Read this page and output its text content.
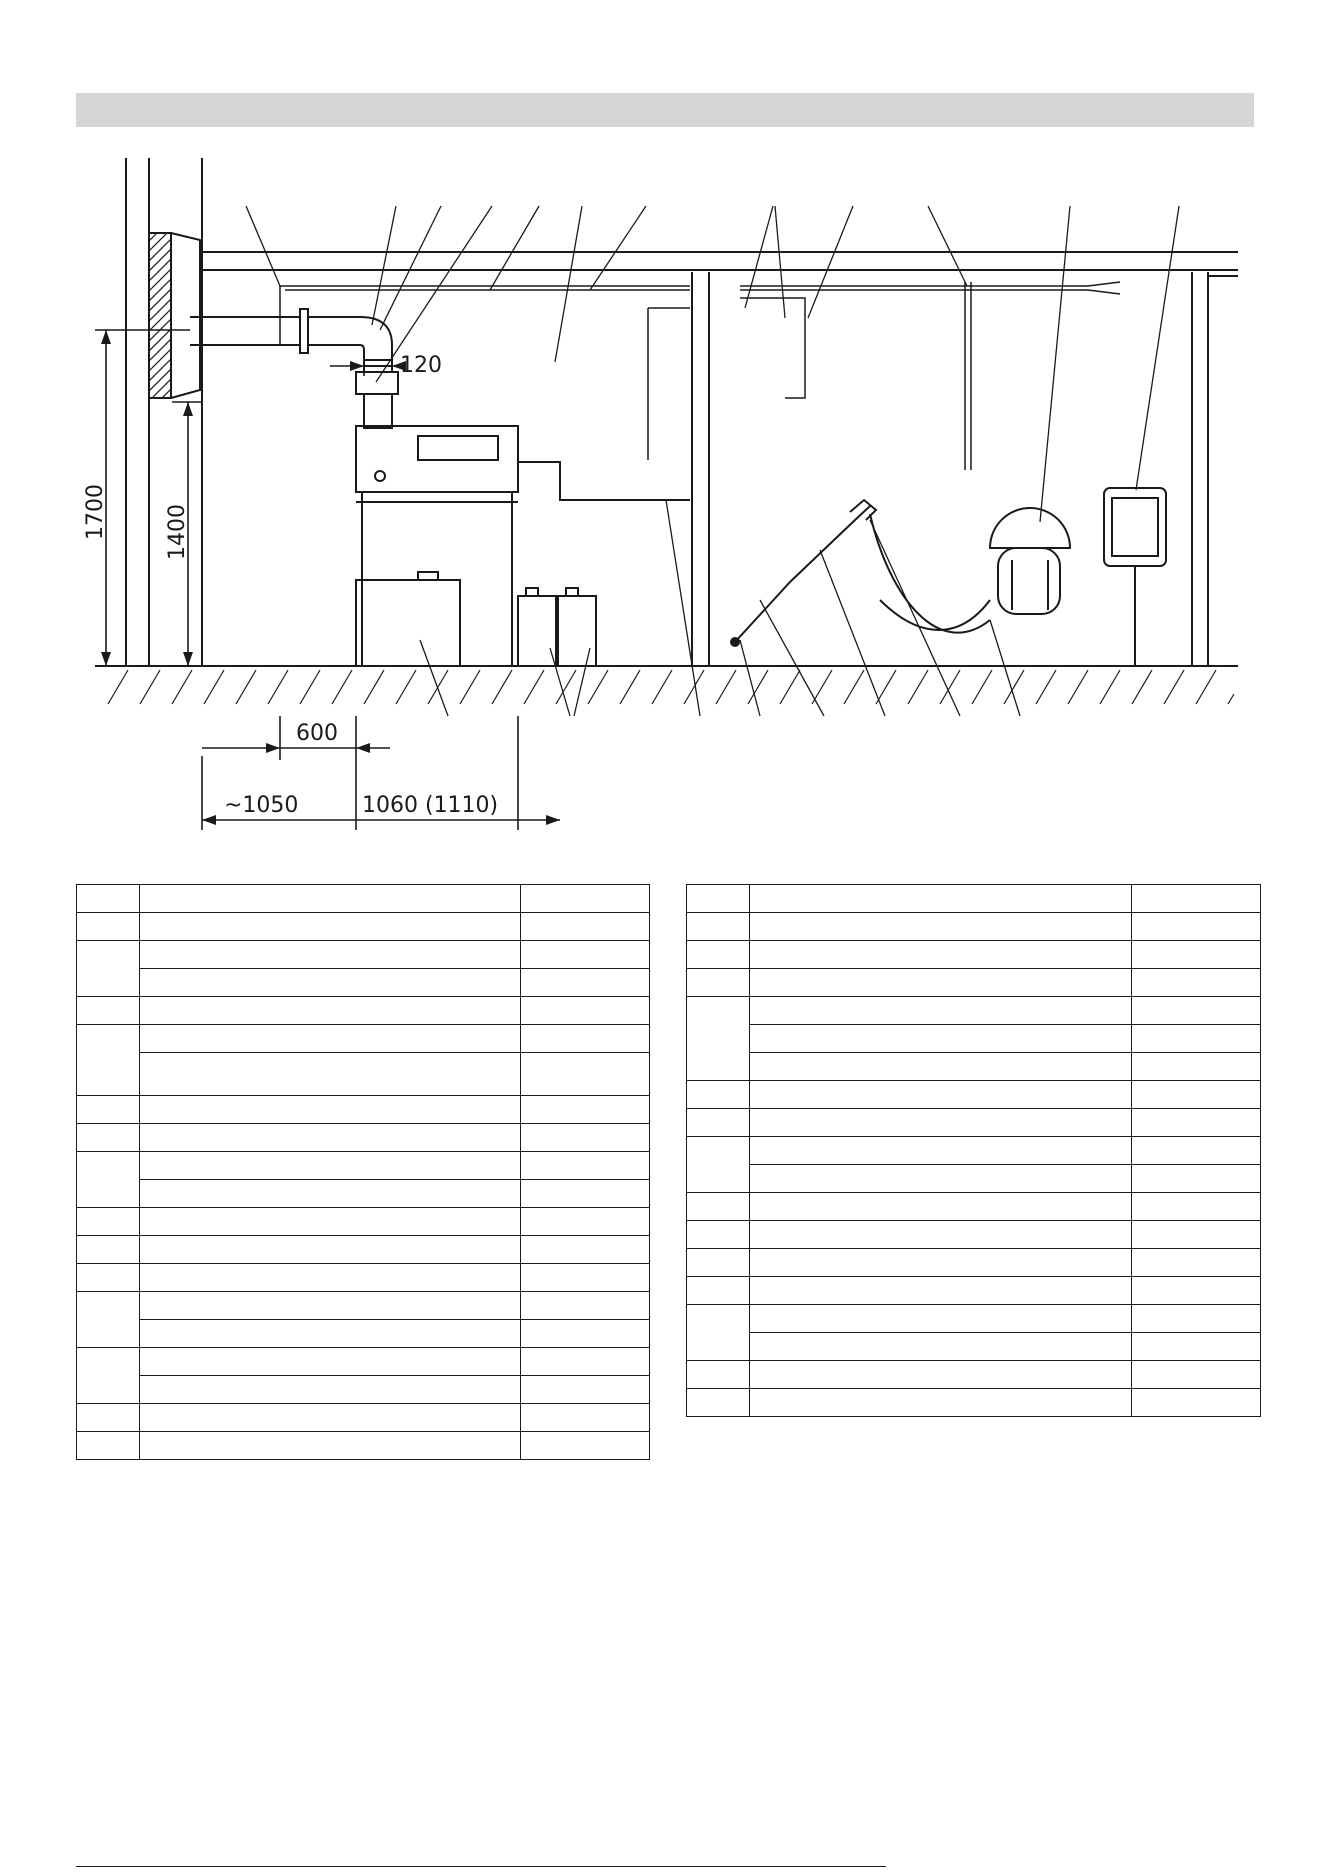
1700	1400
120
600
~1050	1060 (1110)
